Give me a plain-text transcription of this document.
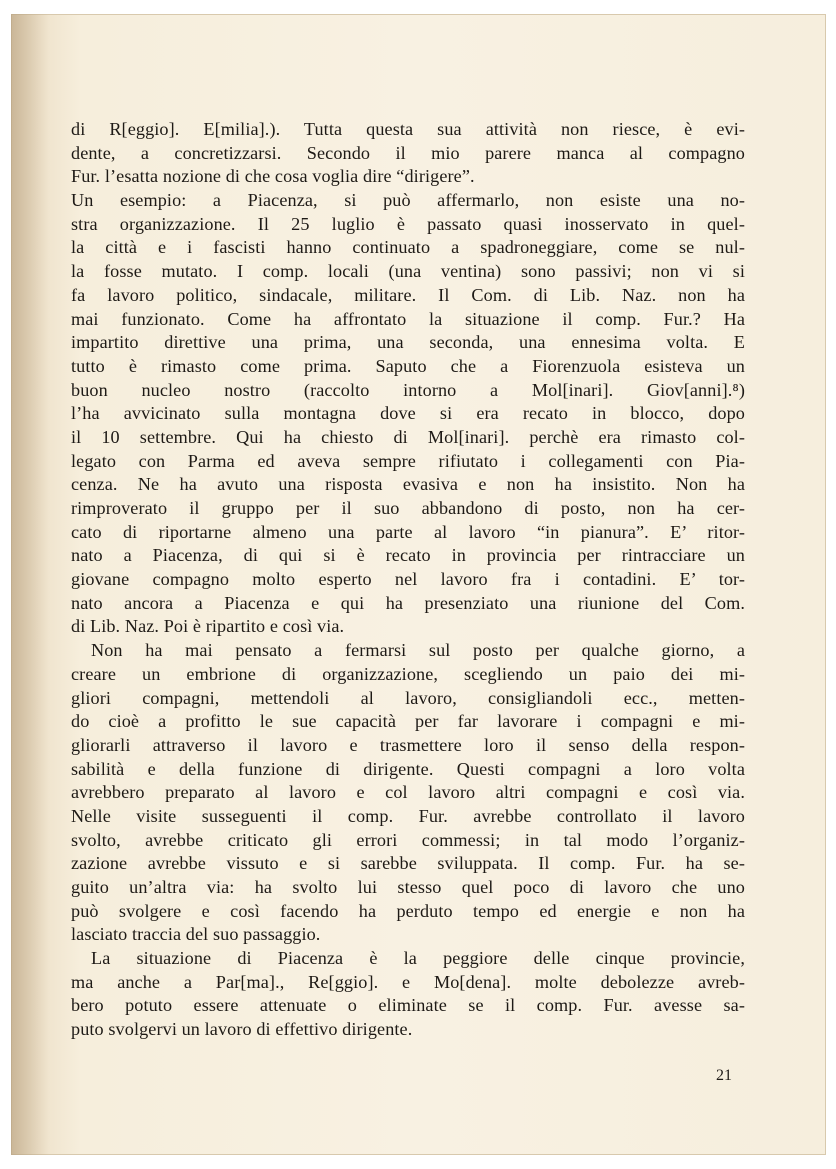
di R[eggio]. E[milia].). Tutta questa sua attività non riesce, è evi-
dente, a concretizzarsi. Secondo il mio parere manca al compagno
Fur. l’esatta nozione di che cosa voglia dire “dirigere”.
Un esempio: a Piacenza, si può affermarlo, non esiste una no-
stra organizzazione. Il 25 luglio è passato quasi inosservato in quel-
la città e i fascisti hanno continuato a spadroneggiare, come se nul-
la fosse mutato. I comp. locali (una ventina) sono passivi; non vi si
fa lavoro politico, sindacale, militare. Il Com. di Lib. Naz. non ha
mai funzionato. Come ha affrontato la situazione il comp. Fur.? Ha
impartito direttive una prima, una seconda, una ennesima volta. E
tutto è rimasto come prima. Saputo che a Fiorenzuola esisteva un
buon nucleo nostro (raccolto intorno a Mol[inari]. Giov[anni].⁸)
l’ha avvicinato sulla montagna dove si era recato in blocco, dopo
il 10 settembre. Qui ha chiesto di Mol[inari]. perchè era rimasto col-
legato con Parma ed aveva sempre rifiutato i collegamenti con Pia-
cenza. Ne ha avuto una risposta evasiva e non ha insistito. Non ha
rimproverato il gruppo per il suo abbandono di posto, non ha cer-
cato di riportarne almeno una parte al lavoro “in pianura”. E’ ritor-
nato a Piacenza, di qui si è recato in provincia per rintracciare un
giovane compagno molto esperto nel lavoro fra i contadini. E’ tor-
nato ancora a Piacenza e qui ha presenziato una riunione del Com.
di Lib. Naz. Poi è ripartito e così via.
Non ha mai pensato a fermarsi sul posto per qualche giorno, a
creare un embrione di organizzazione, scegliendo un paio dei mi-
gliori compagni, mettendoli al lavoro, consigliandoli ecc., metten-
do cioè a profitto le sue capacità per far lavorare i compagni e mi-
gliorarli attraverso il lavoro e trasmettere loro il senso della respon-
sabilità e della funzione di dirigente. Questi compagni a loro volta
avrebbero preparato al lavoro e col lavoro altri compagni e così via.
Nelle visite susseguenti il comp. Fur. avrebbe controllato il lavoro
svolto, avrebbe criticato gli errori commessi; in tal modo l’organiz-
zazione avrebbe vissuto e si sarebbe sviluppata. Il comp. Fur. ha se-
guito un’altra via: ha svolto lui stesso quel poco di lavoro che uno
può svolgere e così facendo ha perduto tempo ed energie e non ha
lasciato traccia del suo passaggio.
La situazione di Piacenza è la peggiore delle cinque provincie,
ma anche a Par[ma]., Re[ggio]. e Mo[dena]. molte debolezze avreb-
bero potuto essere attenuate o eliminate se il comp. Fur. avesse sa-
puto svolgervi un lavoro di effettivo dirigente.
21
